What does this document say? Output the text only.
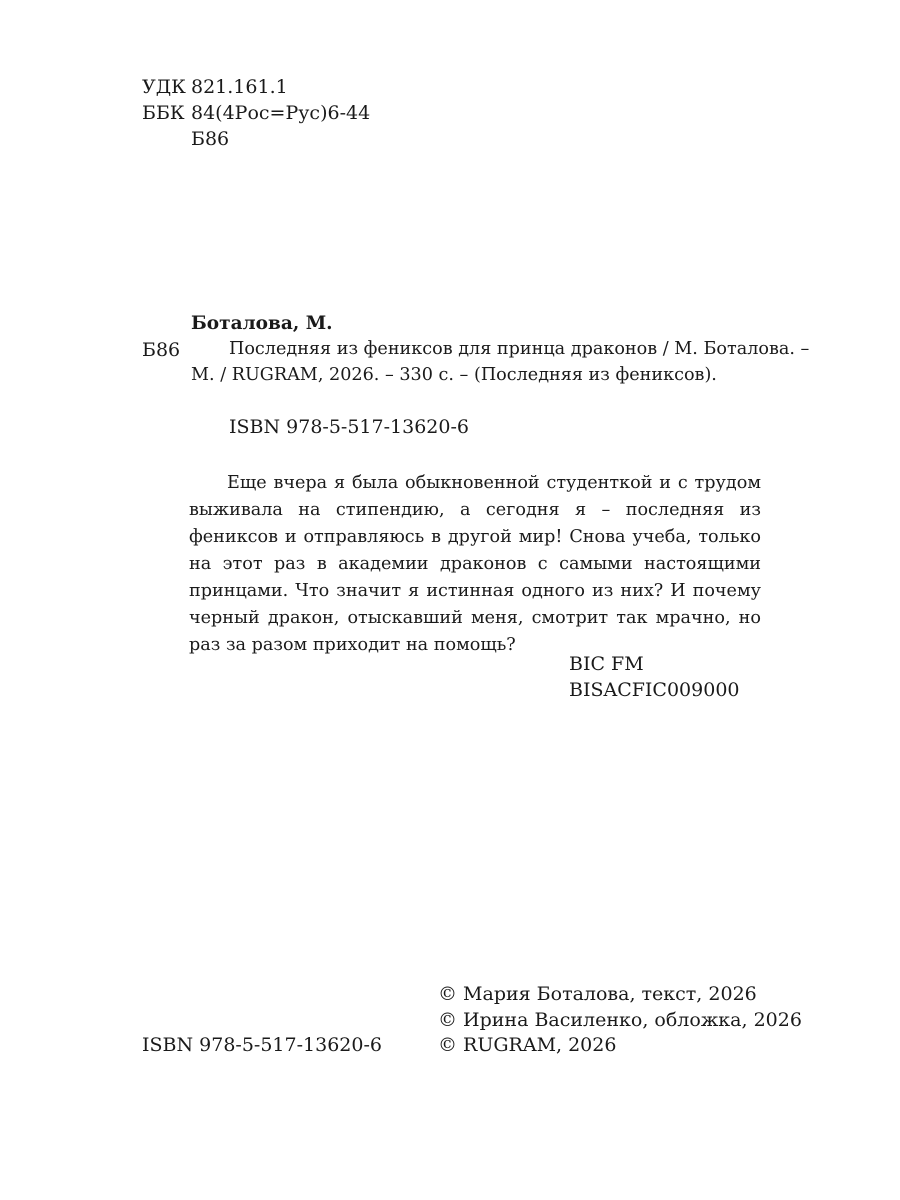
УДК 821.161.1
ББК 84(4Рос=Рус)6-44
Б86
Боталова, М.
Б86	Последняя из фениксов для принца драконов / М. Боталова. –
М. / RUGRAM, 2026. – 330 с. – (Последняя из фениксов).
ISBN 978-5-517-13620-6
Еще вчера я была обыкновенной студенткой и с трудом выживала на стипендию, а сегодня я – последняя из фениксов и отправляюсь в другой мир! Снова учеба, только на этот раз в академии драконов с самыми настоящими принцами. Что значит я истинная одного из них? И почему черный дракон, отыскавший меня, смотрит так мрачно, но раз за разом приходит на помощь?
BIC FM
BISACFIC009000
© Мария Боталова, текст, 2026
© Ирина Василенко, обложка, 2026
ISBN 978-5-517-13620-6	© RUGRAM, 2026
